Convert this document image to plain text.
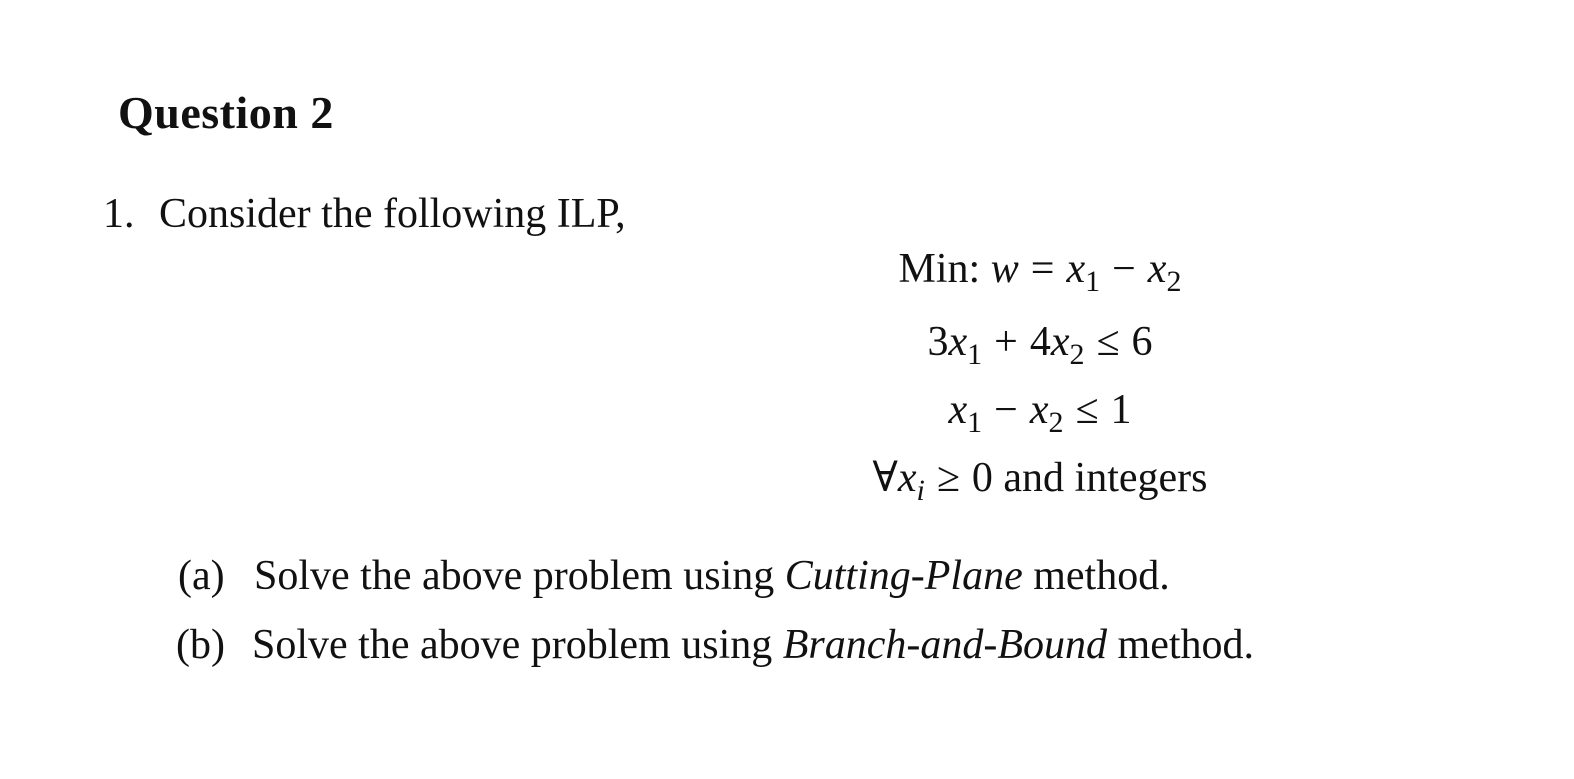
Question 2
1. Consider the following ILP,
Min: $w = x_1 - x_2$
$3x_1 + 4x_2 \le 6$
$x_1 - x_2 \le 1$
$\forall x_i \ge 0$ and integers
(a) Solve the above problem using Cutting-Plane method.
(b) Solve the above problem using Branch-and-Bound method.
